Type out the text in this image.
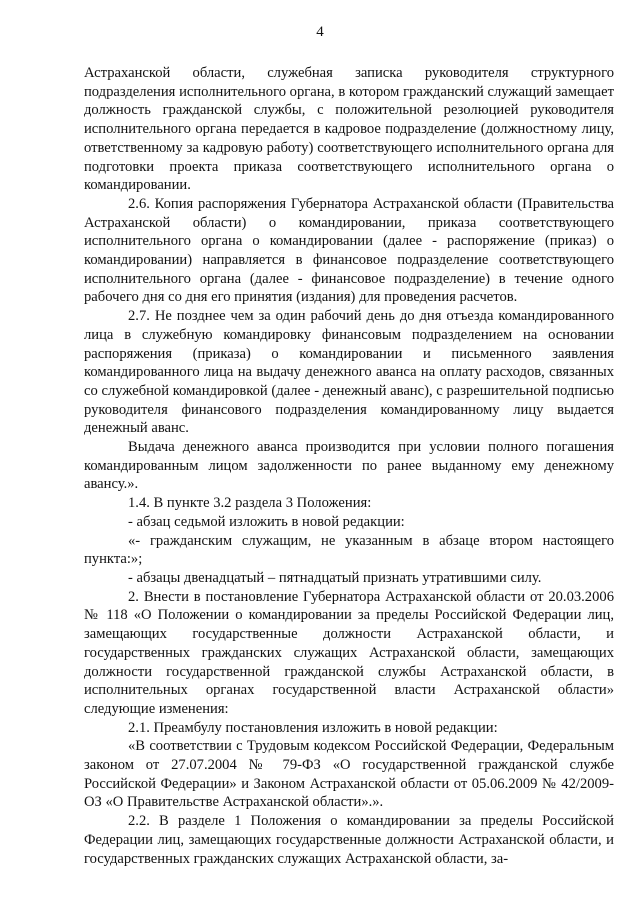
4

Астраханской области, служебная записка руководителя структурного подразделения исполнительного органа, в котором гражданский служащий замещает должность гражданской службы, с положительной резолюцией руководителя исполнительного органа передается в кадровое подразделение (должностному лицу, ответственному за кадровую работу) соответствующего исполнительного органа для подготовки проекта приказа соответствующего исполнительного органа о командировании.

2.6. Копия распоряжения Губернатора Астраханской области (Правительства Астраханской области) о командировании, приказа соответствующего исполнительного органа о командировании (далее - распоряжение (приказ) о командировании) направляется в финансовое подразделение соответствующего исполнительного органа (далее - финансовое подразделение) в течение одного рабочего дня со дня его принятия (издания) для проведения расчетов.

2.7. Не позднее чем за один рабочий день до дня отъезда командированного лица в служебную командировку финансовым подразделением на основании распоряжения (приказа) о командировании и письменного заявления командированного лица на выдачу денежного аванса на оплату расходов, связанных со служебной командировкой (далее - денежный аванс), с разрешительной подписью руководителя финансового подразделения командированному лицу выдается денежный аванс.

Выдача денежного аванса производится при условии полного погашения командированным лицом задолженности по ранее выданному ему денежному авансу.».

1.4. В пункте 3.2 раздела 3 Положения:

- абзац седьмой изложить в новой редакции:

«- гражданским служащим, не указанным в абзаце втором настоящего пункта:»;

- абзацы двенадцатый – пятнадцатый признать утратившими силу.

2. Внести в постановление Губернатора Астраханской области от 20.03.2006 № 118 «О Положении о командировании за пределы Российской Федерации лиц, замещающих государственные должности Астраханской области, и государственных гражданских служащих Астраханской области, замещающих должности государственной гражданской службы Астраханской области, в исполнительных органах государственной власти Астраханской области» следующие изменения:

2.1. Преамбулу постановления изложить в новой редакции:

«В соответствии с Трудовым кодексом Российской Федерации, Федеральным законом от 27.07.2004 № 79-ФЗ «О государственной гражданской службе Российской Федерации» и Законом Астраханской области от 05.06.2009 № 42/2009-ОЗ «О Правительстве Астраханской области».».

2.2. В разделе 1 Положения о командировании за пределы Российской Федерации лиц, замещающих государственные должности Астраханской области, и государственных гражданских служащих Астраханской области, за-
